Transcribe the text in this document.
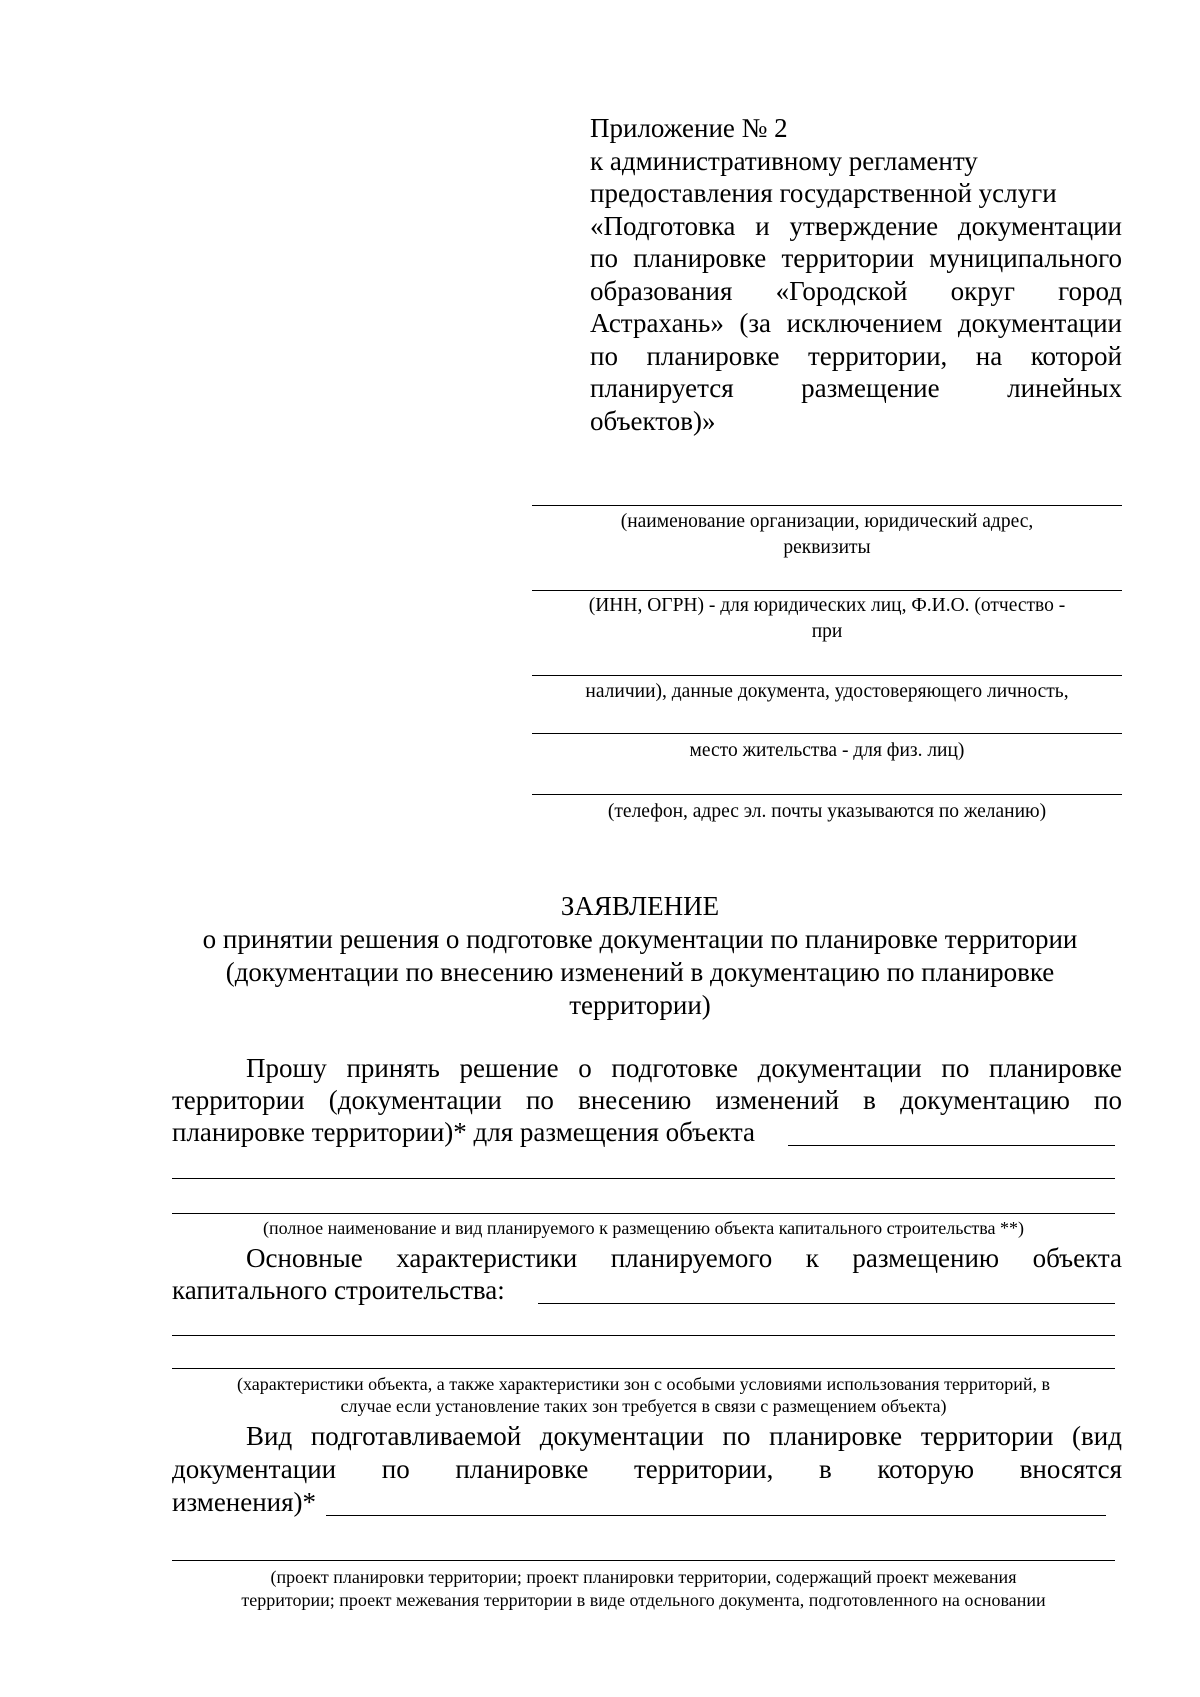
Приложение № 2
к административному регламенту
предоставления государственной услуги
«Подготовка и утверждение документации
по планировке территории муниципального
образования «Городской округ город
Астрахань» (за исключением документации
по планировке территории, на которой
планируется размещение линейных
объектов)»
(наименование организации, юридический адрес,
реквизиты
(ИНН, ОГРН) - для юридических лиц, Ф.И.О. (отчество -
при
наличии), данные документа, удостоверяющего личность,
место жительства - для физ. лиц)
(телефон, адрес эл. почты указываются по желанию)
ЗАЯВЛЕНИЕ
о принятии решения о подготовке документации по планировке территории
(документации по внесению изменений в документацию по планировке
территории)
Прошу принять решение о подготовке документации по планировке
территории (документации по внесению изменений в документацию по
планировке территории)* для размещения объекта
(полное наименование и вид планируемого к размещению объекта капитального строительства **)
Основные характеристики планируемого к размещению объекта
капитального строительства:
(характеристики объекта, а также характеристики зон с особыми условиями использования территорий, в
случае если установление таких зон требуется в связи с размещением объекта)
Вид подготавливаемой документации по планировке территории (вид
документации по планировке территории, в которую вносятся
изменения)*
(проект планировки территории; проект планировки территории, содержащий проект межевания
территории; проект межевания территории в виде отдельного документа, подготовленного на основании
